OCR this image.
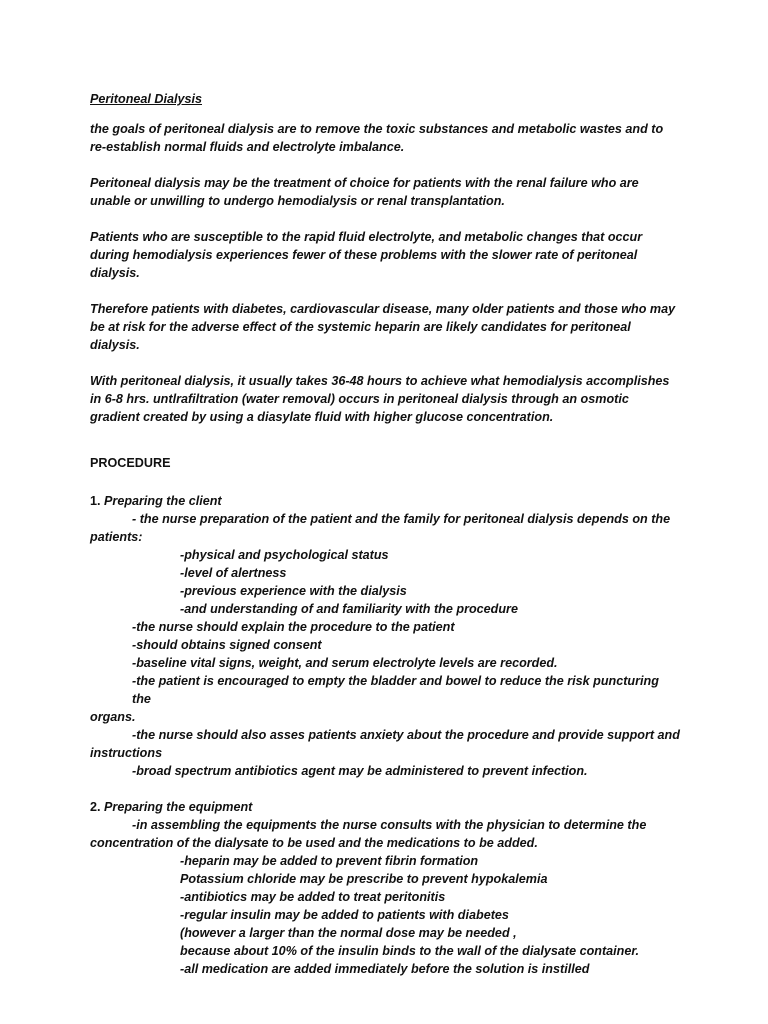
Peritoneal Dialysis

the goals of peritoneal dialysis are to remove the toxic substances and metabolic wastes and to re-establish normal fluids and electrolyte imbalance.

Peritoneal dialysis may be the treatment of choice for patients with the renal failure who are unable or unwilling to undergo hemodialysis or renal transplantation.

Patients who are susceptible to the rapid fluid electrolyte, and metabolic changes that occur during hemodialysis experiences fewer of these problems with the slower rate of peritoneal dialysis.

Therefore patients with diabetes, cardiovascular disease, many older patients and those who may be at risk for the adverse effect of the systemic heparin are likely candidates for peritoneal dialysis.

With peritoneal dialysis, it usually takes 36-48 hours to achieve what hemodialysis accomplishes in 6-8 hrs. untlrafiltration (water removal) occurs in peritoneal dialysis through an osmotic gradient created by using a diasylate fluid with higher glucose concentration.

PROCEDURE
1. Preparing the client
- the nurse preparation of the patient and the family for peritoneal dialysis depends on the
patients:
-physical and psychological status
-level of alertness
-previous experience with the dialysis
-and understanding of and familiarity with the procedure
-the nurse should explain the procedure to the patient
-should obtains signed consent
-baseline vital signs, weight, and serum electrolyte levels are recorded.
-the patient is encouraged to empty the bladder and bowel to reduce the risk puncturing the
organs.
-the nurse should also asses patients anxiety about the procedure and provide support and
instructions
-broad spectrum antibiotics agent may be administered to prevent infection.
2. Preparing the equipment
-in assembling the equipments the nurse consults with the physician to determine the
concentration of the dialysate to be used and the medications to be added.
-heparin may be added to prevent fibrin formation
Potassium chloride may be prescribe to prevent hypokalemia
-antibiotics may be added to treat peritonitis
-regular insulin may be added to patients with diabetes
(however a larger than the normal dose may be needed ,
because about 10% of the insulin binds to the wall of the dialysate container.
-all medication are added immediately before the solution is instilled
